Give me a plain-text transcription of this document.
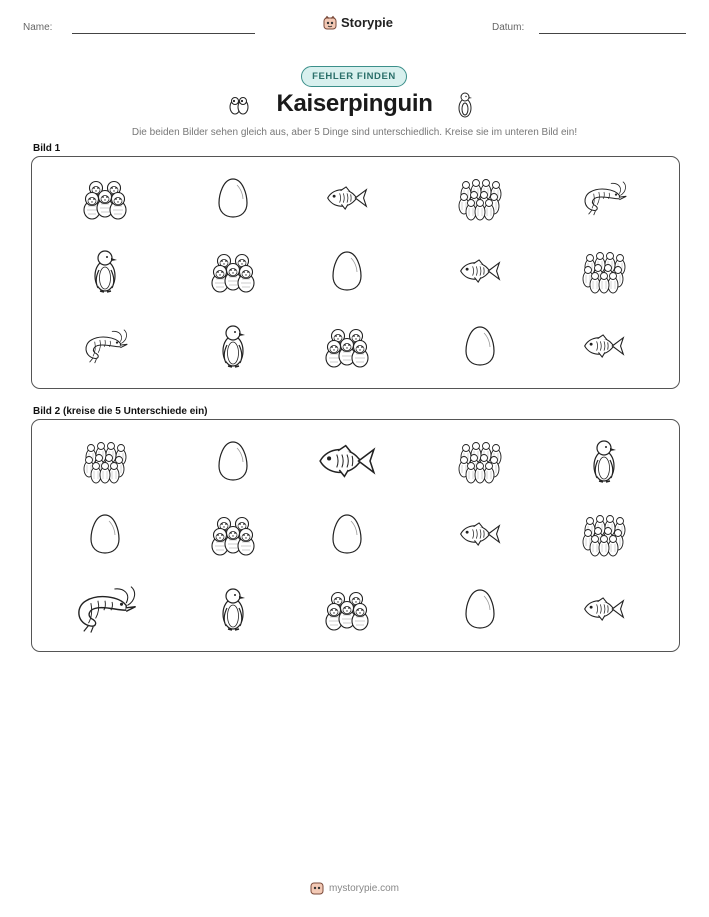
Name:	Storypie	Datum:
FEHLER FINDEN
Kaiserpinguin
Die beiden Bilder sehen gleich aus, aber 5 Dinge sind unterschiedlich. Kreise sie im unteren Bild ein!
Bild 1
Bild 2 (kreise die 5 Unterschiede ein)
mystorypie.com
